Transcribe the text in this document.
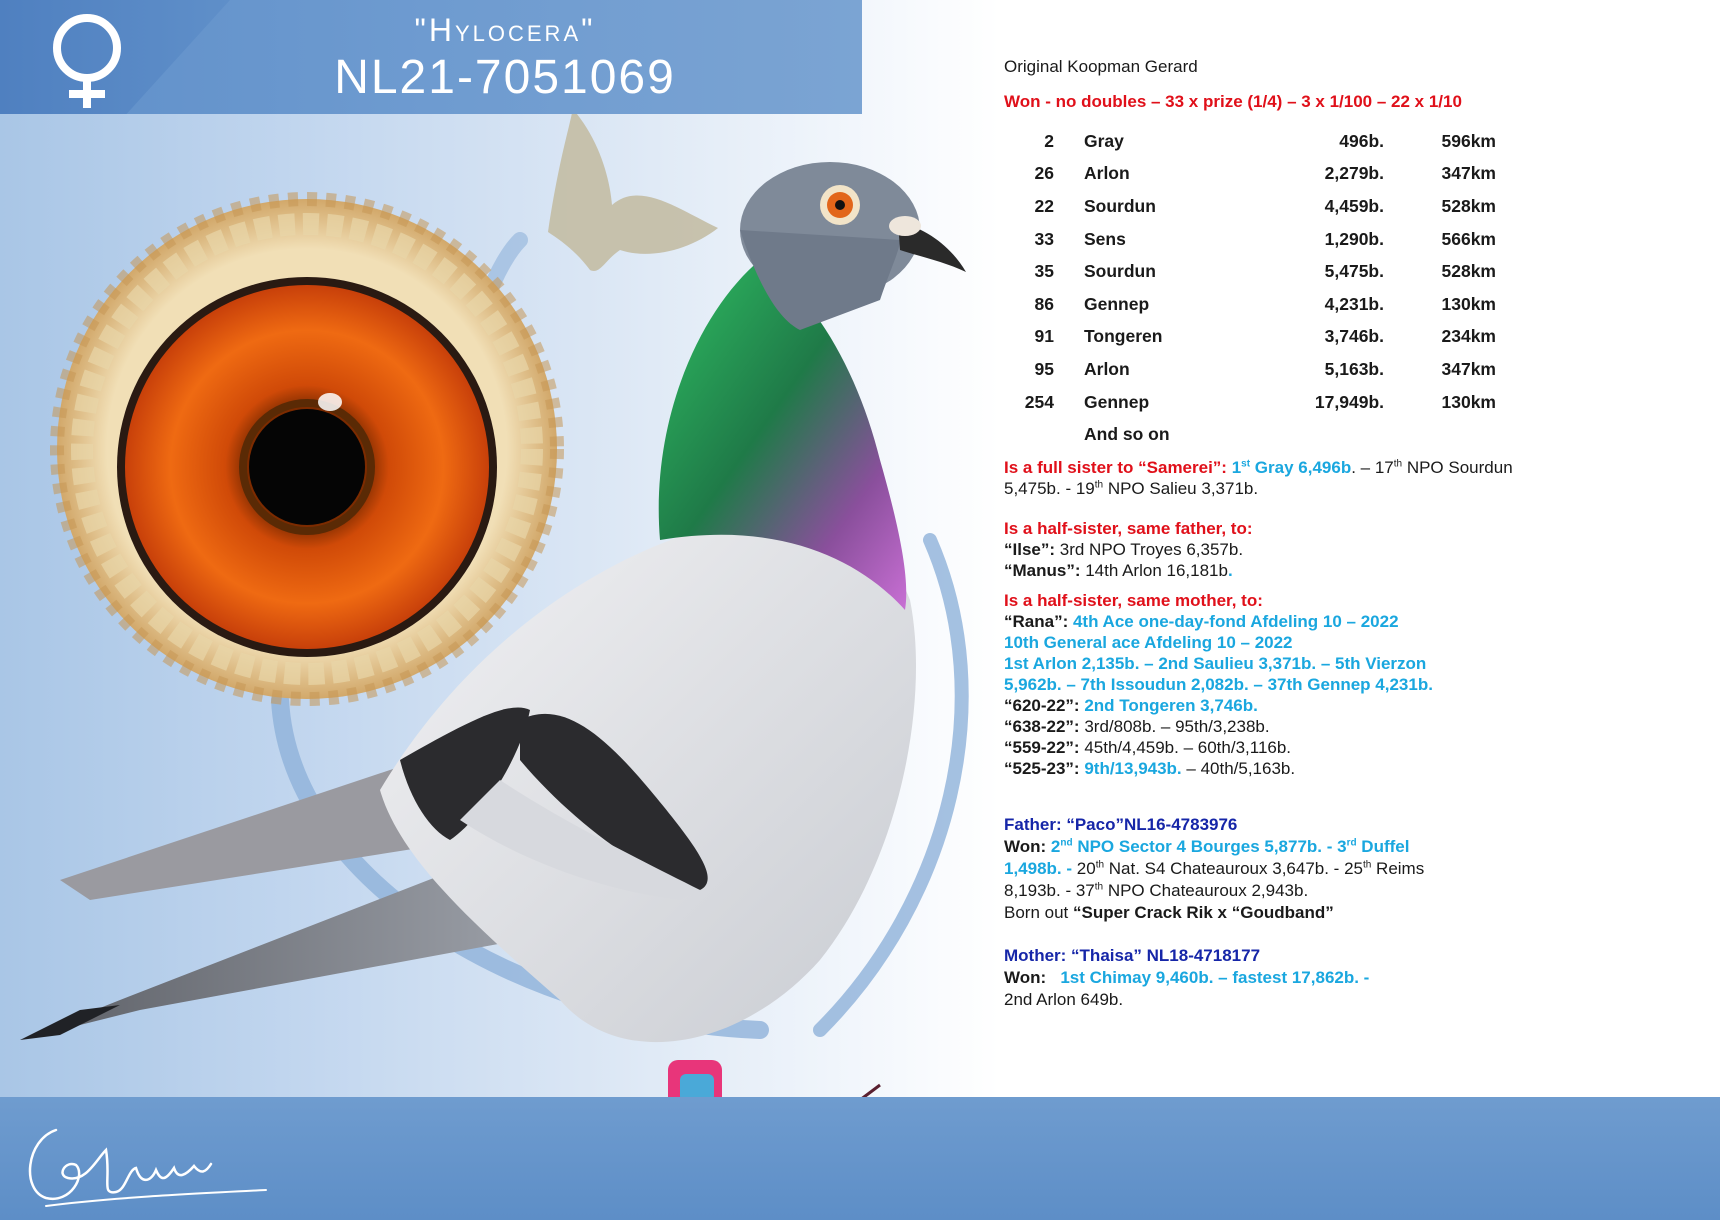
"Hylocera"
NL21-7051069	Original Koopman Gerard
Won - no doubles – 33 x prize (1/4) – 3 x 1/100 – 22 x 1/10
2	Gray	496b.	596km
26	Arlon	2,279b.	347km
22	Sourdun	4,459b.	528km
33	Sens	1,290b.	566km
35	Sourdun	5,475b.	528km
86	Gennep	4,231b.	130km
91	Tongeren	3,746b.	234km
95	Arlon	5,163b.	347km
254	Gennep	17,949b.	130km
	And so on		
Is a full sister to “Samerei”: 1st Gray 6,496b. – 17th NPO Sourdun
5,475b. - 19th NPO Salieu 3,371b.
Is a half-sister, same father, to:
“Ilse”: 3rd NPO Troyes 6,357b.
“Manus”: 14th Arlon 16,181b.
Is a half-sister, same mother, to:
“Rana”: 4th Ace one-day-fond Afdeling 10 – 2022
10th General ace Afdeling 10 – 2022
1st Arlon 2,135b. – 2nd Saulieu 3,371b. – 5th Vierzon
5,962b. – 7th Issoudun 2,082b. – 37th Gennep 4,231b.
“620-22”: 2nd Tongeren 3,746b.
“638-22”: 3rd/808b. – 95th/3,238b.
“559-22”: 45th/4,459b. – 60th/3,116b.
“525-23”: 9th/13,943b. – 40th/5,163b.
Father: “Paco”NL16-4783976
Won: 2nd NPO Sector 4 Bourges 5,877b. - 3rd Duffel
1,498b. - 20th Nat. S4 Chateauroux 3,647b. - 25th Reims
8,193b. - 37th NPO Chateauroux 2,943b.
Born out “Super Crack Rik x “Goudband”
Mother: “Thaisa” NL18-4718177
Won:   1st Chimay 9,460b. – fastest 17,862b. -
2nd Arlon 649b.
